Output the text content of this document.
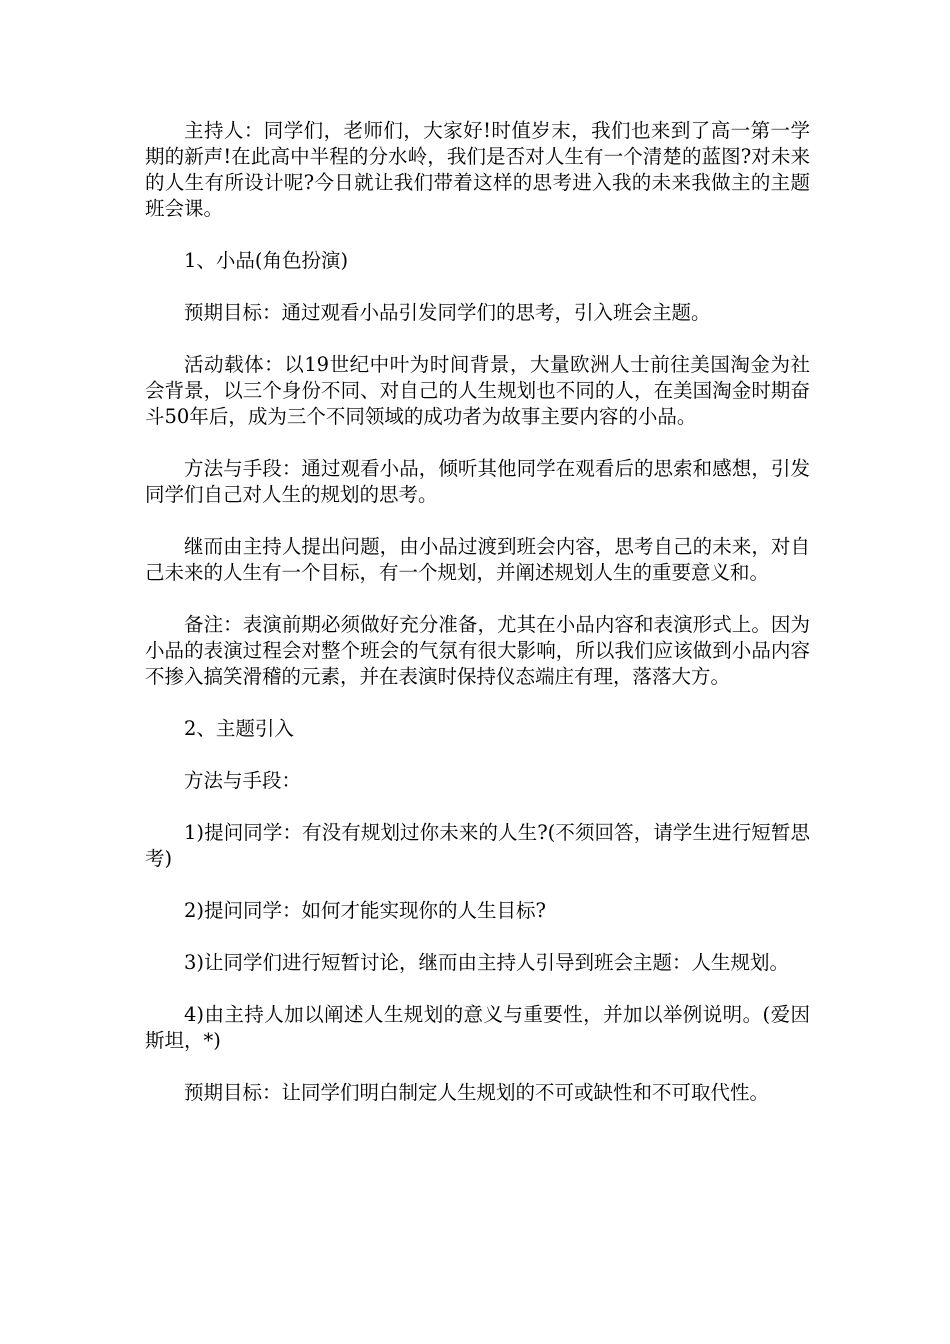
主持人：同学们，老师们，大家好!时值岁末，我们也来到了高一第一学期的新声!在此高中半程的分水岭，我们是否对人生有一个清楚的蓝图?对未来的人生有所设计呢?今日就让我们带着这样的思考进入我的未来我做主的主题班会课。

1、小品(角色扮演)

预期目标：通过观看小品引发同学们的思考，引入班会主题。

活动载体：以19世纪中叶为时间背景，大量欧洲人士前往美国淘金为社会背景，以三个身份不同、对自己的人生规划也不同的人，在美国淘金时期奋斗50年后，成为三个不同领域的成功者为故事主要内容的小品。

方法与手段：通过观看小品，倾听其他同学在观看后的思索和感想，引发同学们自己对人生的规划的思考。

继而由主持人提出问题，由小品过渡到班会内容，思考自己的未来，对自己未来的人生有一个目标，有一个规划，并阐述规划人生的重要意义和。

备注：表演前期必须做好充分准备，尤其在小品内容和表演形式上。因为小品的表演过程会对整个班会的气氛有很大影响，所以我们应该做到小品内容不掺入搞笑滑稽的元素，并在表演时保持仪态端庄有理，落落大方。

2、主题引入

方法与手段：

1)提问同学：有没有规划过你未来的人生?(不须回答，请学生进行短暂思考)

2)提问同学：如何才能实现你的人生目标?

3)让同学们进行短暂讨论，继而由主持人引导到班会主题：人生规划。

4)由主持人加以阐述人生规划的意义与重要性，并加以举例说明。(爱因斯坦，*)

预期目标：让同学们明白制定人生规划的不可或缺性和不可取代性。
